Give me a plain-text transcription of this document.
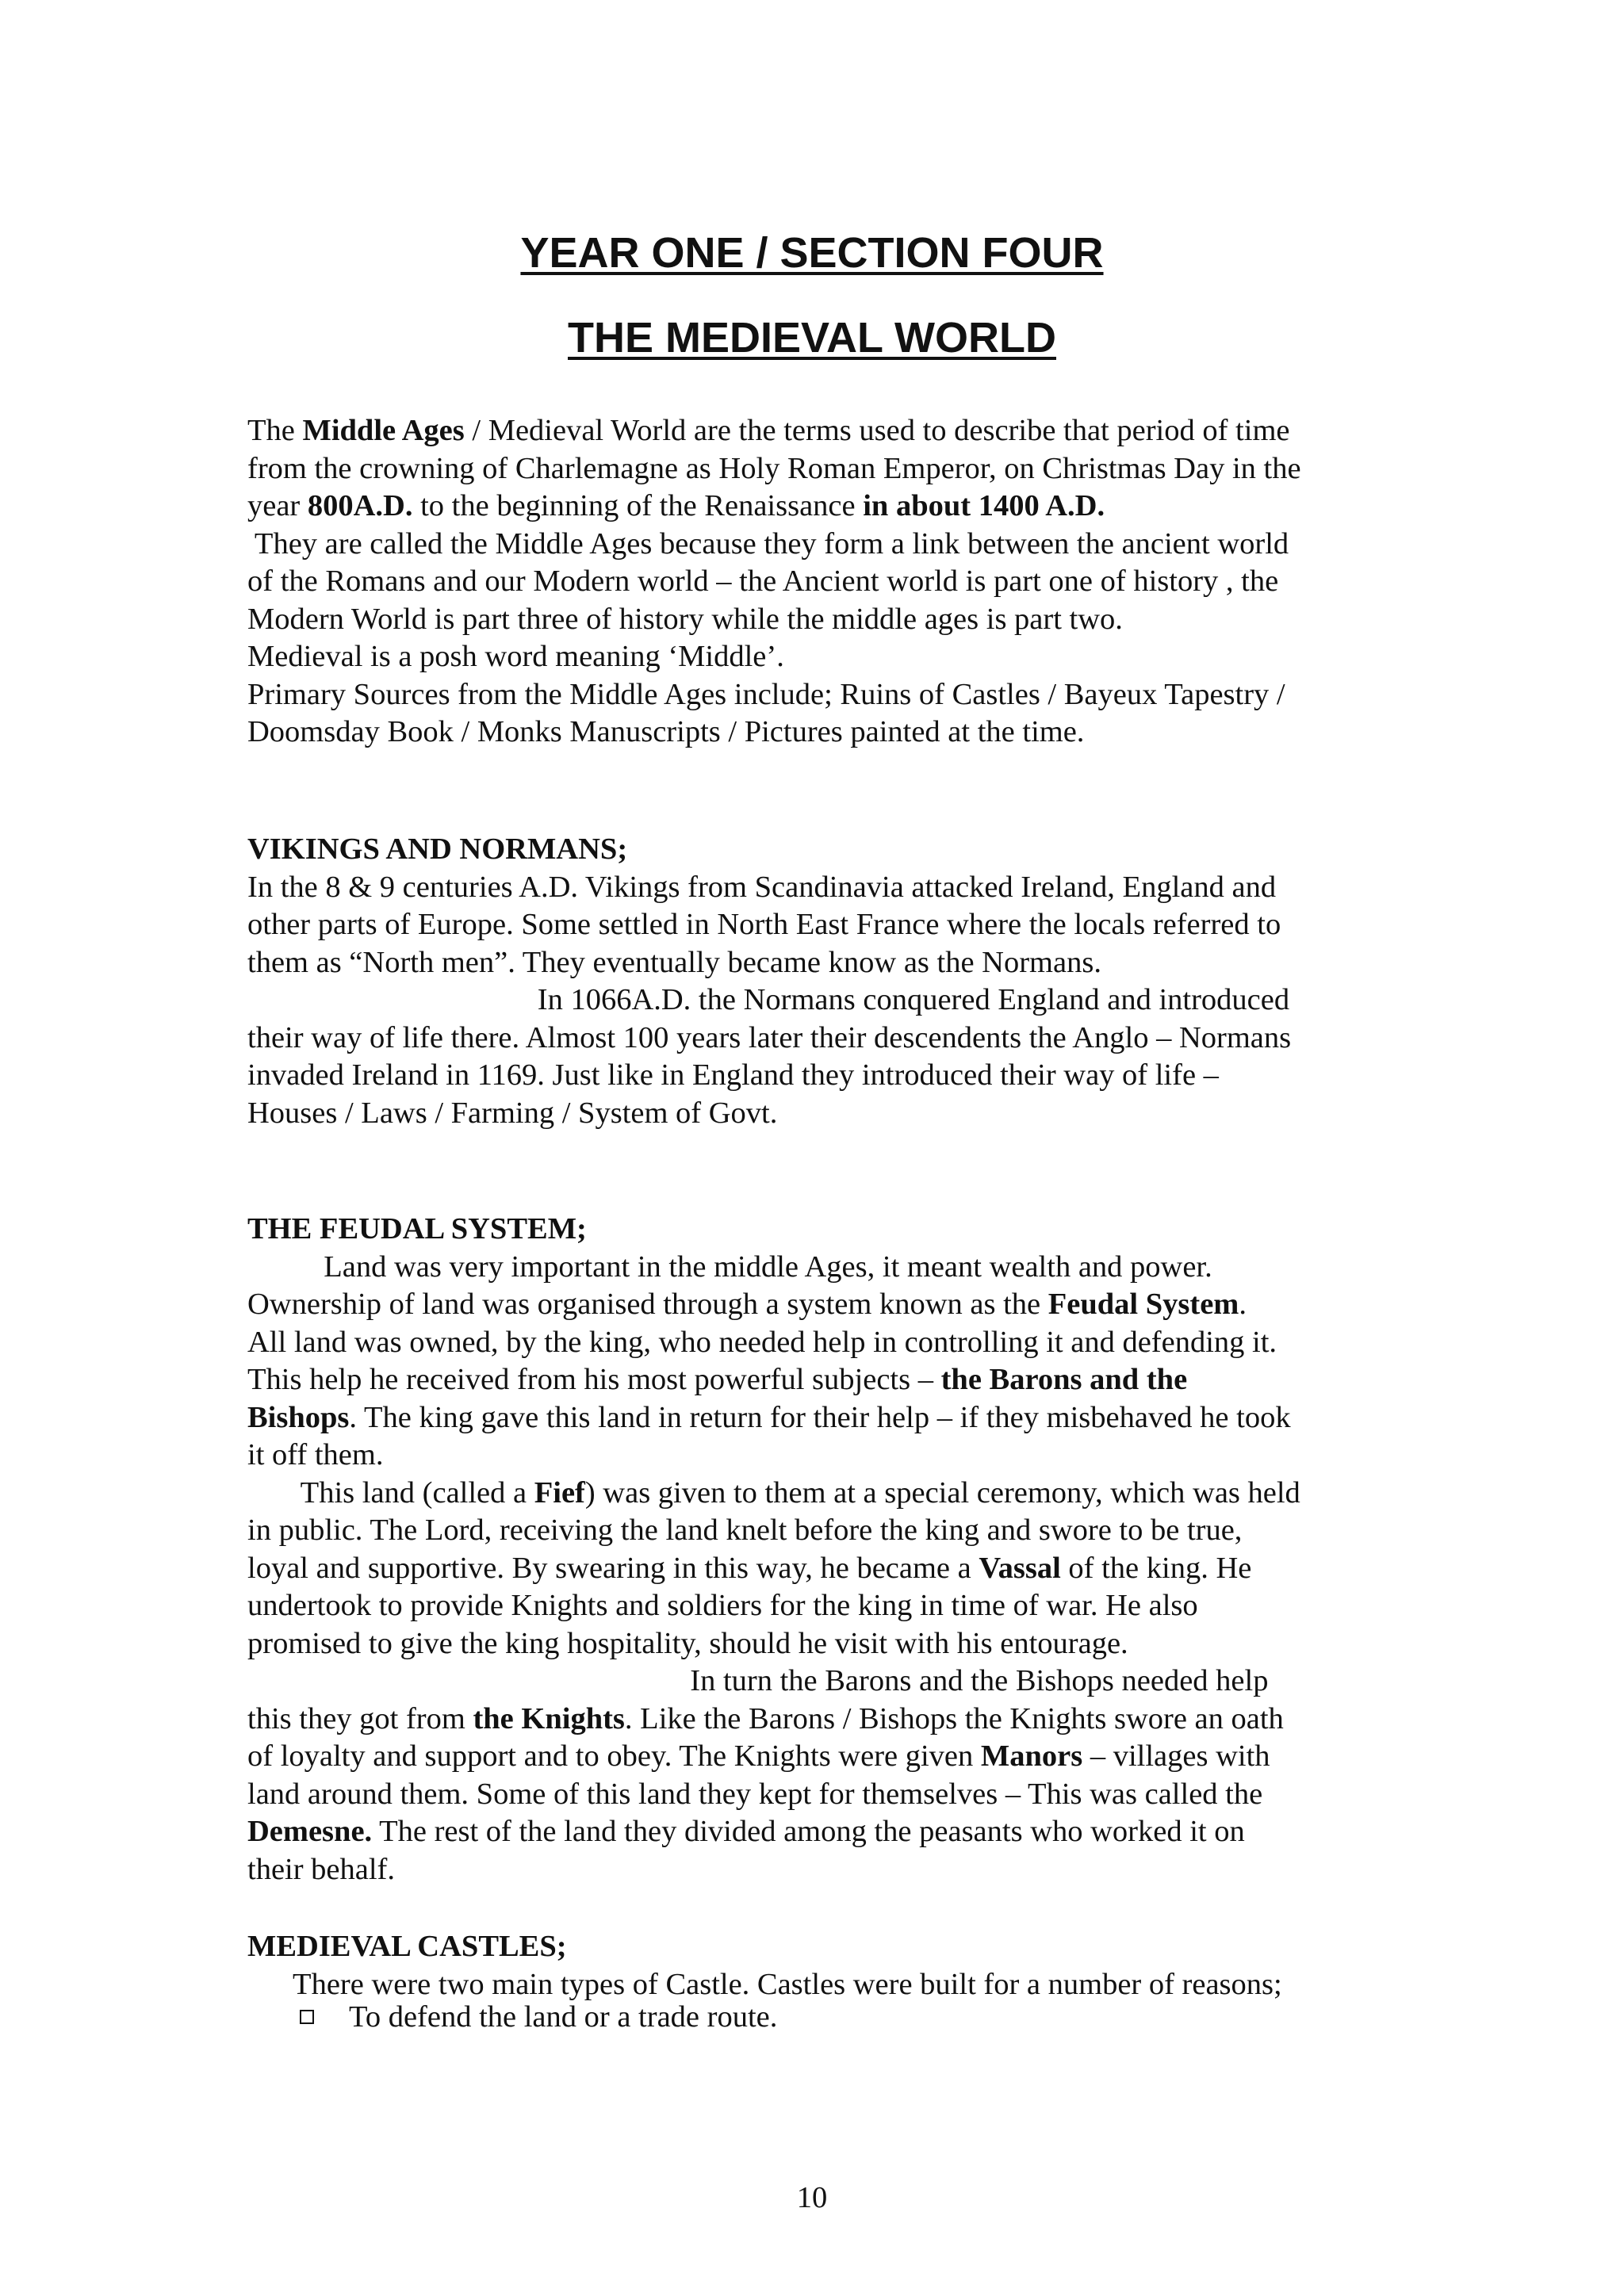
YEAR ONE / SECTION FOUR
THE MEDIEVAL WORLD
The Middle Ages / Medieval World are the terms used to describe that period of time
from the crowning of Charlemagne as Holy Roman Emperor, on Christmas Day in the
year 800A.D. to the beginning of the Renaissance in about 1400 A.D.
They are called the Middle Ages because they form a link between the ancient world
of the Romans and our Modern world – the Ancient world is part one of history , the
Modern World is part three of history while the middle ages is part two.
Medieval is a posh word meaning ‘Middle’.
Primary Sources from the Middle Ages include; Ruins of Castles / Bayeux Tapestry /
Doomsday Book / Monks Manuscripts / Pictures painted at the time.
VIKINGS AND NORMANS;
In the 8 & 9 centuries A.D. Vikings from Scandinavia attacked Ireland, England and
other parts of Europe. Some settled in North East France where the locals referred to
them as “North men”. They eventually became know as the Normans.
In 1066A.D. the Normans conquered England and introduced
their way of life there. Almost 100 years later their descendents the Anglo – Normans
invaded Ireland in 1169. Just like in England they introduced their way of life –
Houses / Laws / Farming / System of Govt.
THE FEUDAL SYSTEM;
Land was very important in the middle Ages, it meant wealth and power.
Ownership of land was organised through a system known as the Feudal System.
All land was owned, by the king, who needed help in controlling it and defending it.
This help he received from his most powerful subjects – the Barons and the
Bishops. The king gave this land in return for their help – if they misbehaved he took
it off them.
This land (called a Fief) was given to them at a special ceremony, which was held
in public. The Lord, receiving the land knelt before the king and swore to be true,
loyal and supportive. By swearing in this way, he became a Vassal of the king. He
undertook to provide Knights and soldiers for the king in time of war. He also
promised to give the king hospitality, should he visit with his entourage.
In turn the Barons and the Bishops needed help
this they got from the Knights. Like the Barons / Bishops the Knights swore an oath
of loyalty and support and to obey. The Knights were given Manors – villages with
land around them. Some of this land they kept for themselves – This was called the
Demesne. The rest of the land they divided among the peasants who worked it on
their behalf.
MEDIEVAL CASTLES;
There were two main types of Castle. Castles were built for a number of reasons;
To defend the land or a trade route.
10
